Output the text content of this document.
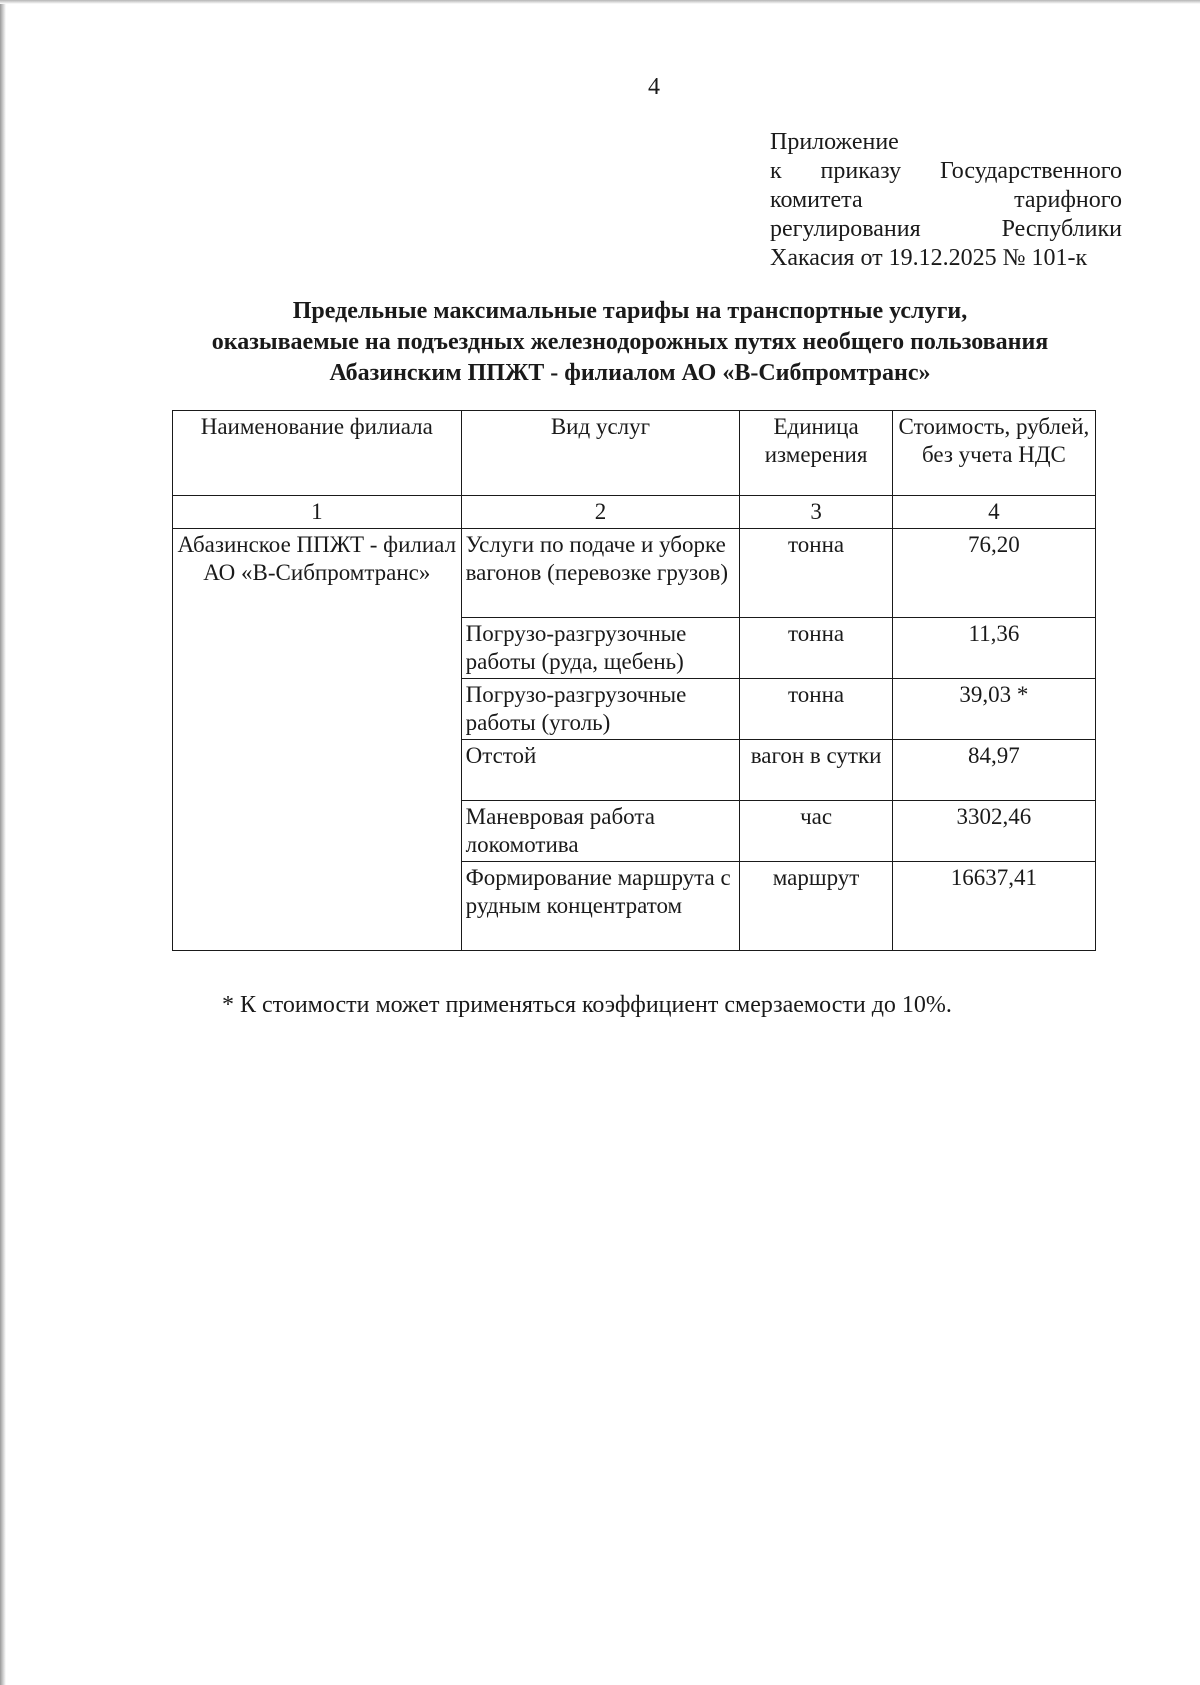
4
Приложение
к приказу Государственного
комитета тарифного
регулирования Республики
Хакасия от 19.12.2025 № 101-к
Предельные максимальные тарифы на транспортные услуги,
оказываемые на подъездных железнодорожных путях необщего пользования
Абазинским ППЖТ - филиалом АО «В-Сибпромтранс»
Наименование филиала	Вид услуг	Единица измерения	Стоимость, рублей, без учета НДС
1	2	3	4
Абазинское ППЖТ - филиал АО «В-Сибпромтранс»	Услуги по подаче и уборке вагонов (перевозке грузов)	тонна	76,20
	Погрузо-разгрузочные работы (руда, щебень)	тонна	11,36
	Погрузо-разгрузочные работы (уголь)	тонна	39,03 *
	Отстой	вагон в сутки	84,97
	Маневровая работа локомотива	час	3302,46
	Формирование маршрута с рудным концентратом	маршрут	16637,41
* К стоимости может применяться коэффициент смерзаемости до 10%.
